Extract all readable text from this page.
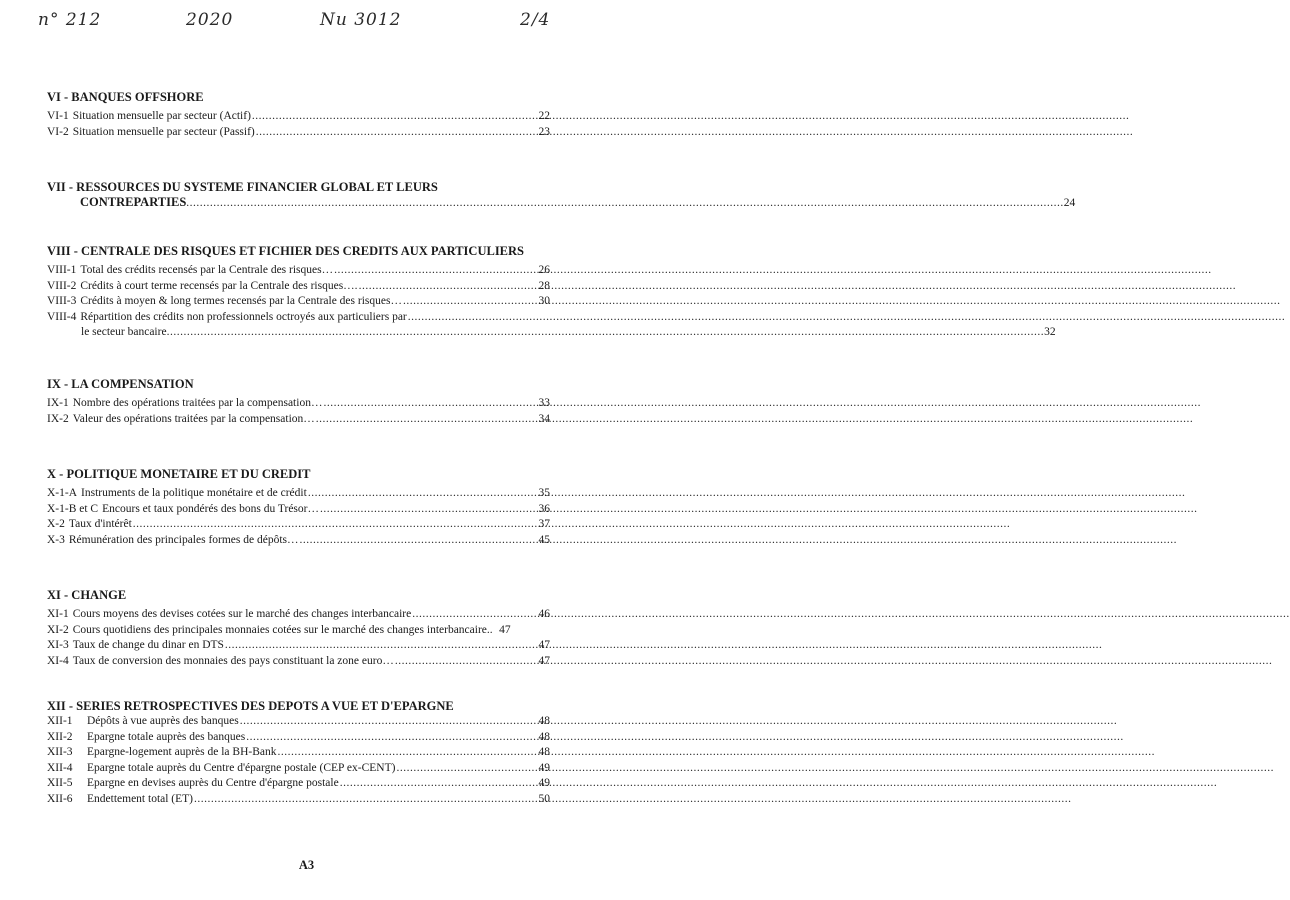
n° 212	2020	Nu 3012	2/4
VI - BANQUES OFFSHORE
VI-1 Situation mensuelle par secteur (Actif) .....	22
VI-2 Situation mensuelle par secteur (Passif) .....	23
VII - RESSOURCES DU SYSTEME FINANCIER GLOBAL ET LEURS
CONTREPARTIES .....	24
VIII - CENTRALE DES RISQUES ET FICHIER DES CREDITS AUX PARTICULIERS
VIII-1 Total des crédits recensés par la Centrale des risques… .....	26
VIII-2 Crédits à court terme recensés par la Centrale des risques…. .....	28
VIII-3 Crédits à moyen & long termes recensés par la Centrale des risques… .....	30
VIII-4 Répartition des crédits non professionnels octroyés aux particuliers par
.....
le secteur bancaire .....	32
IX - LA COMPENSATION
IX-1 Nombre des opérations traitées par la compensation… .....	33
IX-2 Valeur des opérations traitées par la compensation… .....	34
X - POLITIQUE MONETAIRE ET DU CREDIT
X-1-A Instruments de la politique monétaire et de crédit .....	35
X-1-B et C Encours et taux pondérés des bons du Trésor… .....	36
X-2 Taux d'intérêt .....	37
X-3 Rémunération des principales formes de dépôts… .....	45
XI - CHANGE
XI-1 Cours moyens des devises cotées sur le marché des changes interbancaire .....	46
XI-2 Cours quotidiens des principales monnaies cotées sur le marché des changes interbancaire.. 47
XI-3 Taux de change du dinar en DTS .....	47
XI-4 Taux de conversion des monnaies des pays constituant la zone euro… .....	47
XII - SERIES RETROSPECTIVES DES DEPOTS A VUE ET D'EPARGNE
XII-1	Dépôts à vue auprès des banques .....	48
XII-2	Epargne totale auprès des banques .....	48
XII-3	Epargne-logement auprès de la BH-Bank .....	48
XII-4	Epargne totale auprès du Centre d'épargne postale (CEP ex-CENT) .....	49
XII-5	Epargne en devises auprès du Centre d'épargne postale .....	49
XII-6	Endettement total (ET) .....	50
A3
